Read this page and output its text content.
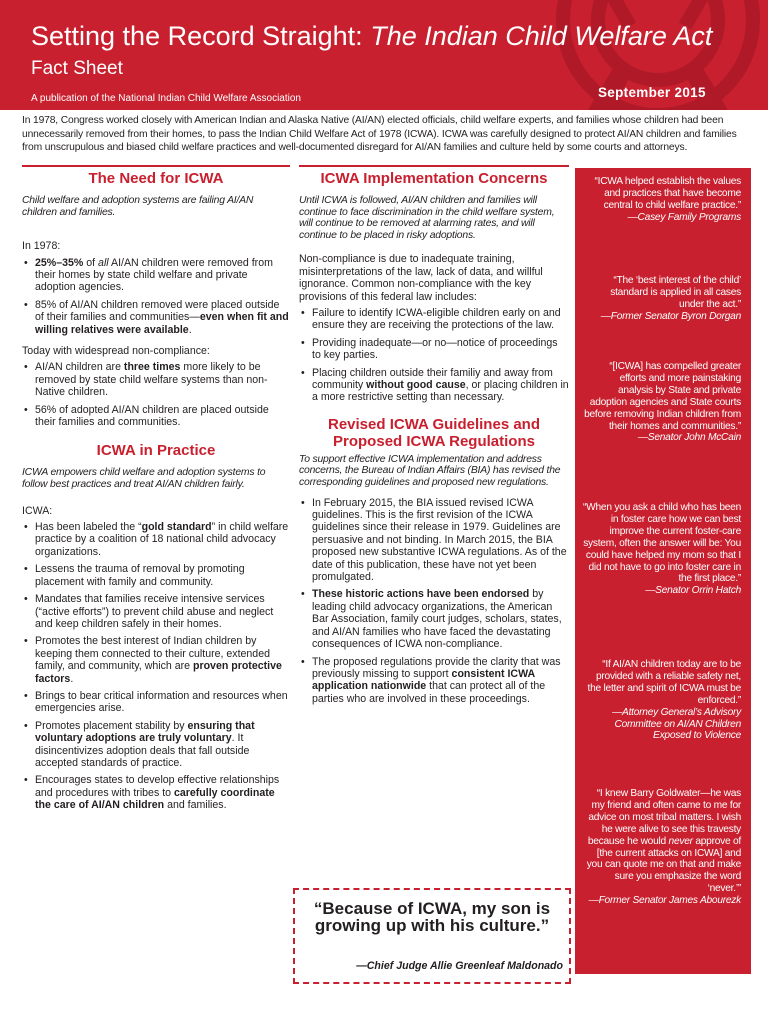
Setting the Record Straight: The Indian Child Welfare Act
Fact Sheet
A publication of the National Indian Child Welfare Association	September 2015
In 1978, Congress worked closely with American Indian and Alaska Native (AI/AN) elected officials, child welfare experts, and families whose children had been unnecessarily removed from their homes, to pass the Indian Child Welfare Act of 1978 (ICWA). ICWA was carefully designed to protect AI/AN children and families from unscrupulous and biased child welfare practices and well-documented disregard for AI/AN families and culture held by some courts and attorneys.
The Need for ICWA
Child welfare and adoption systems are failing AI/AN children and families.
In 1978:
• 25%–35% of all AI/AN children were removed from their homes by state child welfare and private adoption agencies.
• 85% of AI/AN children removed were placed outside of their families and communities—even when fit and willing relatives were available.
Today with widespread non-compliance:
• AI/AN children are three times more likely to be removed by state child welfare systems than non-Native children.
• 56% of adopted AI/AN children are placed outside their families and communities.
ICWA in Practice
ICWA empowers child welfare and adoption systems to follow best practices and treat AI/AN children fairly.
ICWA:
• Has been labeled the “gold standard” in child welfare practice by a coalition of 18 national child advocacy organizations.
• Lessens the trauma of removal by promoting placement with family and community.
• Mandates that families receive intensive services (“active efforts”) to prevent child abuse and neglect and keep children safely in their homes.
• Promotes the best interest of Indian children by keeping them connected to their culture, extended family, and community, which are proven protective factors.
• Brings to bear critical information and resources when emergencies arise.
• Promotes placement stability by ensuring that voluntary adoptions are truly voluntary. It disincentivizes adoption deals that fall outside accepted standards of practice.
• Encourages states to develop effective relationships and procedures with tribes to carefully coordinate the care of AI/AN children and families.
ICWA Implementation Concerns
Until ICWA is followed, AI/AN children and families will continue to face discrimination in the child welfare system, will continue to be removed at alarming rates, and will continue to be placed in risky adoptions.
Non-compliance is due to inadequate training, misinterpretations of the law, lack of data, and willful ignorance. Common non-compliance with the key provisions of this federal law includes:
• Failure to identify ICWA-eligible children early on and ensure they are receiving the protections of the law.
• Providing inadequate—or no—notice of proceedings to key parties.
• Placing children outside their familiy and away from community without good cause, or placing children in a more restrictive setting than necessary.
Revised ICWA Guidelines and
Proposed ICWA Regulations
To support effective ICWA implementation and address concerns, the Bureau of Indian Affairs (BIA) has revised the corresponding guidelines and proposed new regulations.
• In February 2015, the BIA issued revised ICWA guidelines. This is the first revision of the ICWA guidelines since their release in 1979. Guidelines are persuasive and not binding. In March 2015, the BIA proposed new substantive ICWA regulations. As of the date of this publication, these have not yet been promulgated.
• These historic actions have been endorsed by leading child advocacy organizations, the American Bar Association, family court judges, scholars, states, and AI/AN families who have faced the devastating consequences of ICWA non-compliance.
• The proposed regulations provide the clarity that was previously missing to support consistent ICWA application nationwide that can protect all of the parties who are involved in these proceedings.
“Because of ICWA, my son is growing up with his culture.”
—Chief Judge Allie Greenleaf Maldonado
“ICWA helped establish the values and practices that have become central to child welfare practice.”
—Casey Family Programs
“The ‘best interest of the child’ standard is applied in all cases under the act.”
—Former Senator Byron Dorgan
“[ICWA] has compelled greater efforts and more painstaking analysis by State and private adoption agencies and State courts before removing Indian children from their homes and communities.”
—Senator John McCain
“When you ask a child who has been in foster care how we can best improve the current foster-care system, often the answer will be: You could have helped my mom so that I did not have to go into foster care in the first place.”
—Senator Orrin Hatch
“If AI/AN children today are to be provided with a reliable safety net, the letter and spirit of ICWA must be enforced.”
—Attorney General’s Advisory Committee on AI/AN Children Exposed to Violence
“I knew Barry Goldwater—he was my friend and often came to me for advice on most tribal matters. I wish he were alive to see this travesty because he would never approve of [the current attacks on ICWA] and you can quote me on that and make sure you emphasize the word ‘never.’”
—Former Senator James Abourezk
